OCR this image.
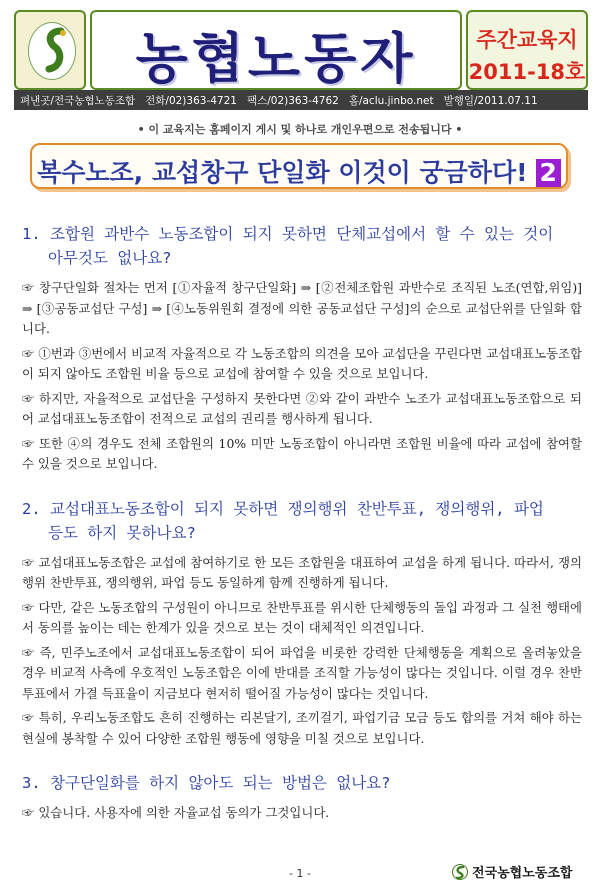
농협노동자	주간교육지
2011-18호
펴낸곳/전국농협노동조합 전화/02)363-4721 팩스/02)363-4762 홈/aclu.jinbo.net 발행일/2011.07.11
• 이 교육지는 홈페이지 게시 및 하나로 개인우편으로 전송됩니다 •
복수노조, 교섭창구 단일화 이것이 궁금하다! 2
1. 조합원 과반수 노동조합이 되지 못하면 단체교섭에서 할 수 있는 것이
아무것도 없나요?

☞ 창구단일화 절차는 먼저 [①자율적 창구단일화] ⇒ [②전체조합원 과반수로 조직된 노조(연합,위임)] ⇒ [③공동교섭단 구성] ⇒ [④노동위원회 결정에 의한 공동교섭단 구성]의 순으로 교섭단위를 단일화 합니다.

☞ ①번과 ③번에서 비교적 자율적으로 각 노동조합의 의견을 모아 교섭단을 꾸린다면 교섭대표노동조합이 되지 않아도 조합원 비율 등으로 교섭에 참여할 수 있을 것으로 보입니다.

☞ 하지만, 자율적으로 교섭단을 구성하지 못한다면 ②와 같이 과반수 노조가 교섭대표노동조합으로 되어 교섭대표노동조합이 전적으로 교섭의 권리를 행사하게 됩니다.

☞ 또한 ④의 경우도 전체 조합원의 10% 미만 노동조합이 아니라면 조합원 비율에 따라 교섭에 참여할 수 있을 것으로 보입니다.

2. 교섭대표노동조합이 되지 못하면 쟁의행위 찬반투표, 쟁의행위, 파업
등도 하지 못하나요?

☞ 교섭대표노동조합은 교섭에 참여하기로 한 모든 조합원을 대표하여 교섭을 하게 됩니다. 따라서, 쟁의행위 찬반투표, 쟁의행위, 파업 등도 동일하게 함께 진행하게 됩니다.

☞ 다만, 같은 노동조합의 구성원이 아니므로 찬반투표를 위시한 단체행동의 돌입 과정과 그 실천 행태에서 동의를 높이는 데는 한계가 있을 것으로 보는 것이 대체적인 의견입니다.

☞ 즉, 민주노조에서 교섭대표노동조합이 되어 파업을 비롯한 강력한 단체행동을 계획으로 올려놓았을 경우 비교적 사측에 우호적인 노동조합은 이에 반대를 조직할 가능성이 많다는 것입니다. 이럴 경우 찬반투표에서 가결 득표율이 지금보다 현저히 떨어질 가능성이 많다는 것입니다.

☞ 특히, 우리노동조합도 흔히 진행하는 리본달기, 조끼걸기, 파업기금 모금 등도 합의를 거쳐 해야 하는 현실에 봉착할 수 있어 다양한 조합원 행동에 영향을 미칠 것으로 보입니다.

3. 창구단일화를 하지 않아도 되는 방법은 없나요?

☞ 있습니다. 사용자에 의한 자율교섭 동의가 그것입니다.

- 1 -	전국농협노동조합
